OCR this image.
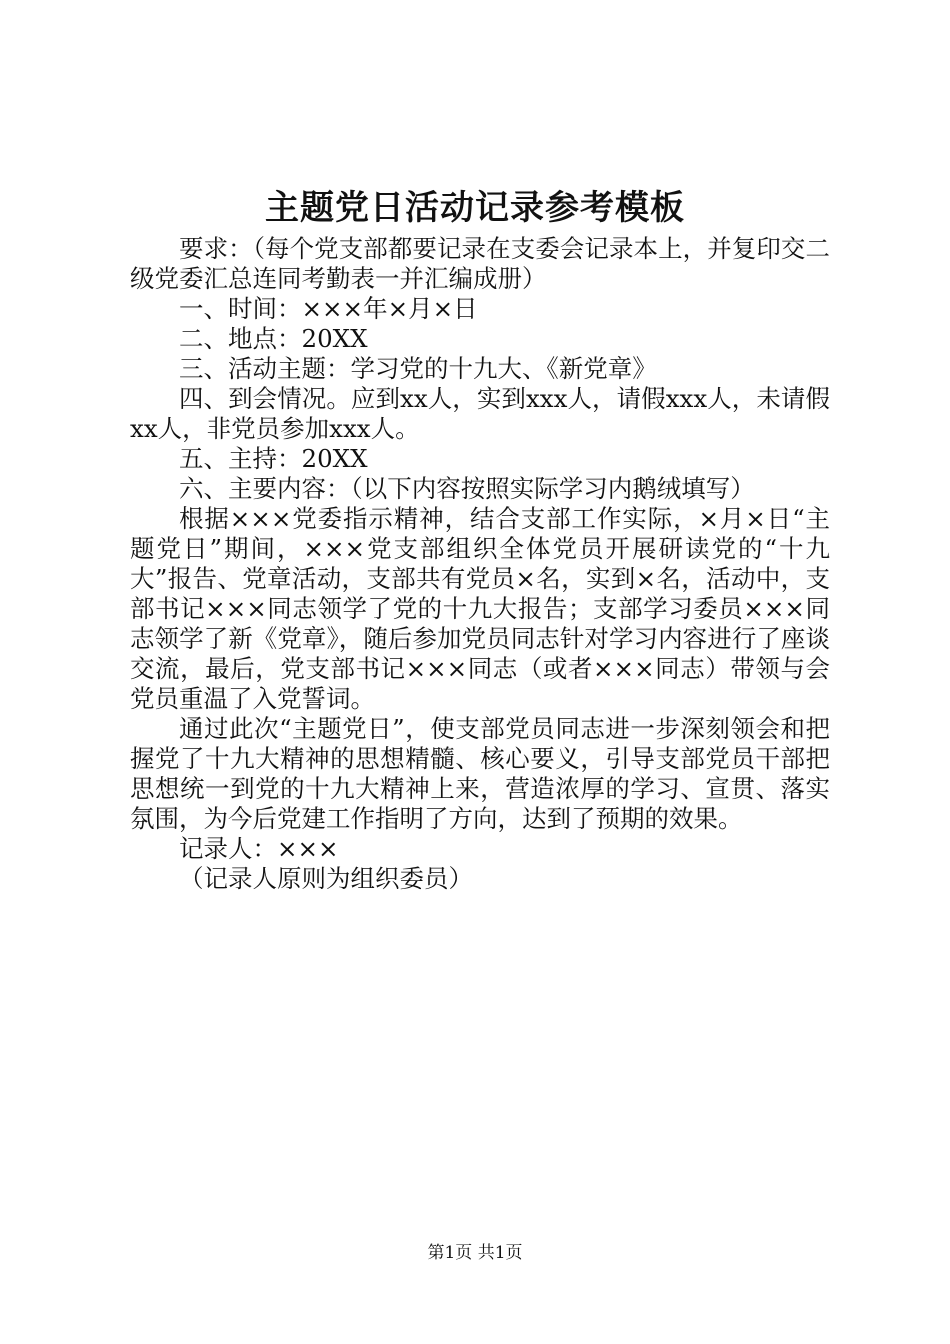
主题党日活动记录参考模板

要求：（每个党支部都要记录在支委会记录本上，并复印交二级党委汇总连同考勤表一并汇编成册）

一、时间：×××年×月×日

二、地点：20XX

三、活动主题：学习党的十九大、《新党章》

四、到会情况。应到xx人，实到xxx人，请假xxx人，未请假xx人，非党员参加xxx人。

五、主持：20XX

六、主要内容：（以下内容按照实际学习内鹅绒填写）

根据×××党委指示精神，结合支部工作实际，×月×日“主题党日”期间，×××党支部组织全体党员开展研读党的“十九大”报告、党章活动，支部共有党员×名，实到×名，活动中，支部书记×××同志领学了党的十九大报告；支部学习委员×××同志领学了新《党章》，随后参加党员同志针对学习内容进行了座谈交流，最后，党支部书记×××同志（或者×××同志）带领与会党员重温了入党誓词。

通过此次“主题党日”，使支部党员同志进一步深刻领会和把握党了十九大精神的思想精髓、核心要义，引导支部党员干部把思想统一到党的十九大精神上来，营造浓厚的学习、宣贯、落实氛围，为今后党建工作指明了方向，达到了预期的效果。

记录人：×××

（记录人原则为组织委员）

第1页 共1页
